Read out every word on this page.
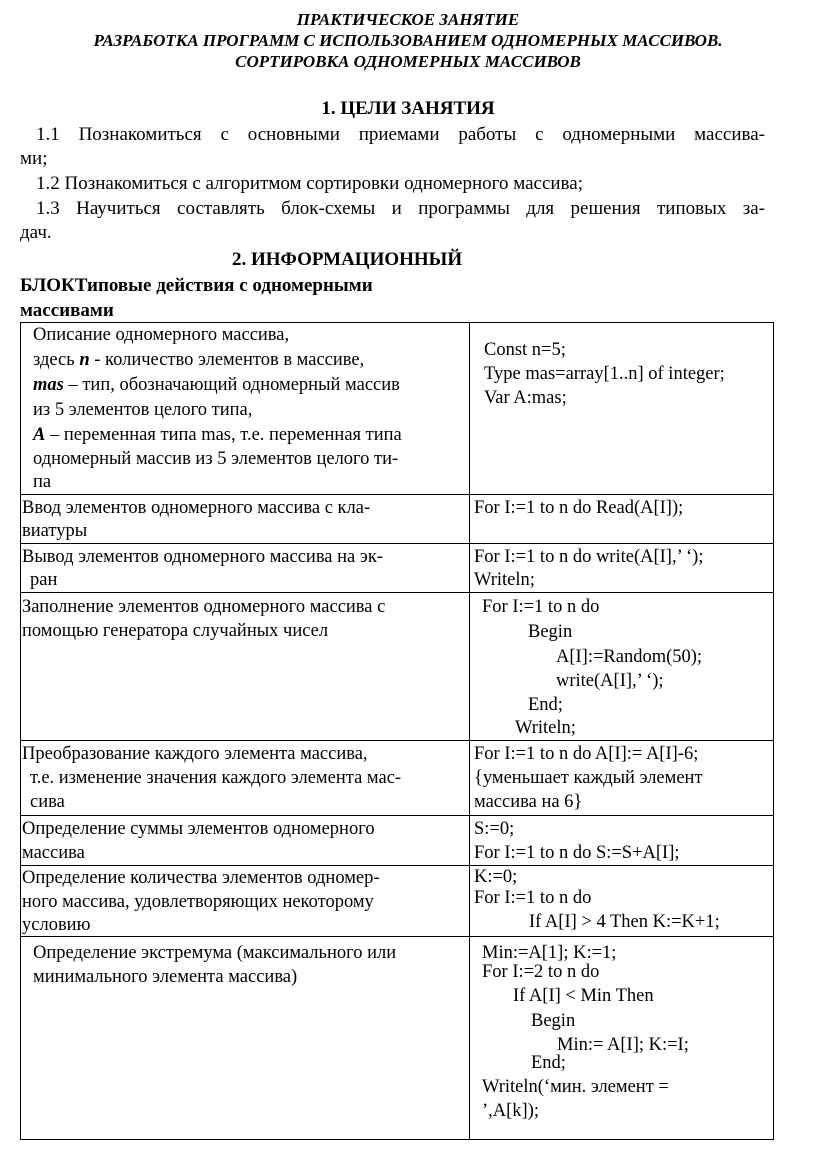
ПРАКТИЧЕСКОЕ ЗАНЯТИЕ
РАЗРАБОТКА ПРОГРАММ С ИСПОЛЬЗОВАНИЕМ ОДНОМЕРНЫХ МАССИВОВ.
СОРТИРОВКА ОДНОМЕРНЫХ МАССИВОВ
1. ЦЕЛИ ЗАНЯТИЯ
1.1 Познакомиться с основными приемами работы с одномерными массива-
ми;
1.2 Познакомиться с алгоритмом сортировки одномерного массива;
1.3 Научиться составлять блок-схемы и программы для решения типовых за-
дач.
2. ИНФОРМАЦИОННЫЙ
БЛОКТиповые действия с одномерными
массивами
Описание одномерного массива,
здесь n - количество элементов в массиве,
mas – тип, обозначающий одномерный массив
из 5 элементов целого типа,
A – переменная типа mas, т.е. переменная типа
одномерный массив из 5 элементов целого ти-
па
Const n=5;
Type mas=array[1..n] of integer;
Var A:mas;
Ввод элементов одномерного массива с кла-
виатуры
For I:=1 to n do Read(A[I]);
Вывод элементов одномерного массива на эк-
ран
For I:=1 to n do write(A[I],’ ‘);
Writeln;
Заполнение элементов одномерного массива с
помощью генератора случайных чисел
For I:=1 to n do
Begin
A[I]:=Random(50);
write(A[I],’ ‘);
End;
Writeln;
Преобразование каждого элемента массива,
т.е. изменение значения каждого элемента мас-
сива
For I:=1 to n do A[I]:= A[I]-6;
{уменьшает каждый элемент
массива на 6}
Определение суммы элементов одномерного
массива
S:=0;
For I:=1 to n do S:=S+A[I];
Определение количества элементов одномер-
ного массива, удовлетворяющих некоторому
условию
K:=0;
For I:=1 to n do
If A[I] > 4 Then K:=K+1;
Определение экстремума (максимального или
минимального элемента массива)
Min:=A[1]; K:=1;
For I:=2 to n do
If A[I] < Min Then
Begin
Min:= A[I]; K:=I;
End;
Writeln(‘мин. элемент =
’,A[k]);
